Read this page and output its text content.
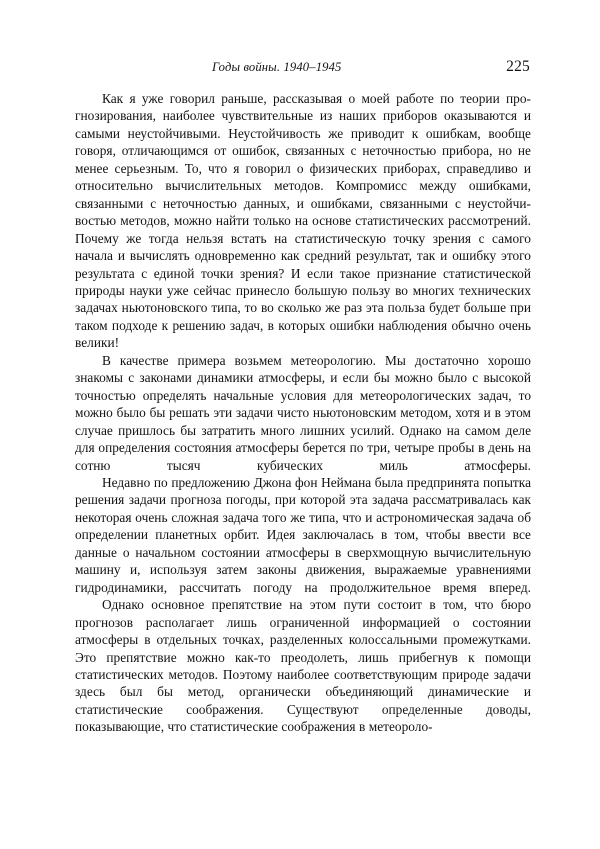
Годы войны. 1940–1945	225

Как я уже говорил раньше, рассказывая о моей работе по теории прогнозирования, наиболее чувствительные из наших приборов оказываются и самыми неустойчивыми. Неустойчивость же приводит к ошибкам, вообще говоря, отличающимся от ошибок, связанных с неточностью прибора, но не менее серьезным. То, что я говорил о физических приборах, справедливо и относительно вычислительных методов. Компромисс между ошибками, связанными с неточностью данных, и ошибками, связанными с неустойчивостью методов, можно найти только на основе статистических рассмотрений. Почему же тогда нельзя встать на статистическую точку зрения с самого начала и вычислять одновременно как средний результат, так и ошибку этого результата с единой точки зрения? И если такое признание статистической природы науки уже сейчас принесло большую пользу во многих технических задачах ньютоновского типа, то во сколько же раз эта польза будет больше при таком подходе к решению задач, в которых ошибки наблюдения обычно очень велики!

В качестве примера возьмем метеорологию. Мы достаточно хорошо знакомы с законами динамики атмосферы, и если бы можно было с высокой точностью определять начальные условия для метеорологических задач, то можно было бы решать эти задачи чисто ньютоновским методом, хотя и в этом случае пришлось бы затратить много лишних усилий. Однако на самом деле для определения состояния атмосферы берется по три, четыре пробы в день на сотню тысяч кубических миль атмосферы.

Недавно по предложению Джона фон Неймана была предпринята попытка решения задачи прогноза погоды, при которой эта задача рассматривалась как некоторая очень сложная задача того же типа, что и астрономическая задача об определении планетных орбит. Идея заключалась в том, чтобы ввести все данные о начальном состоянии атмосферы в сверхмощную вычислительную машину и, используя затем законы движения, выражаемые уравнениями гидродинамики, рассчитать погоду на продолжительное время вперед.

Однако основное препятствие на этом пути состоит в том, что бюро прогнозов располагает лишь ограниченной информацией о состоянии атмосферы в отдельных точках, разделенных колоссальными промежутками. Это препятствие можно как-то преодолеть, лишь прибегнув к помощи статистических методов. Поэтому наиболее соответствующим природе задачи здесь был бы метод, органически объединяющий динамические и статистические соображения. Существуют определенные доводы, показывающие, что статистические соображения в метеороло-
